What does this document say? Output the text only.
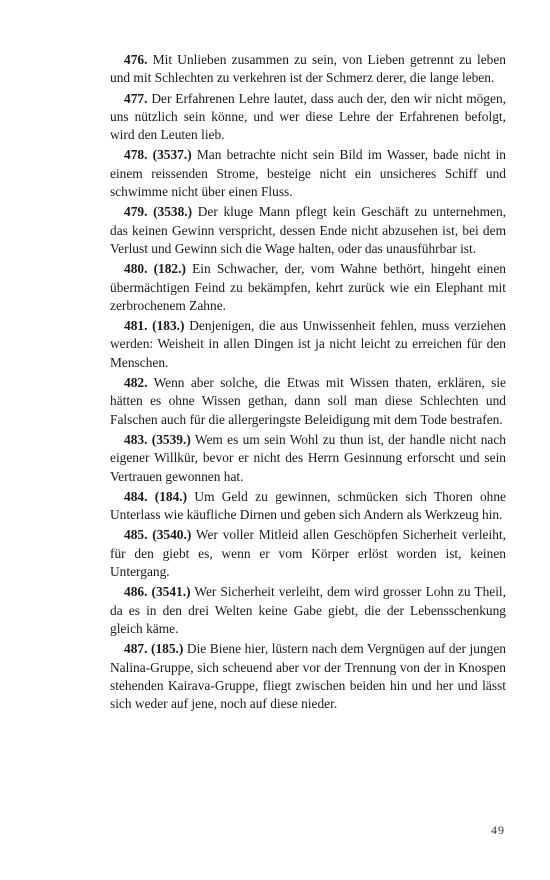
476. Mit Unlieben zusammen zu sein, von Lieben getrennt zu leben und mit Schlechten zu verkehren ist der Schmerz derer, die lange leben.

477. Der Erfahrenen Lehre lautet, dass auch der, den wir nicht mögen, uns nützlich sein könne, und wer diese Lehre der Erfahrenen befolgt, wird den Leuten lieb.

478. (3537.) Man betrachte nicht sein Bild im Wasser, bade nicht in einem reissenden Strome, besteige nicht ein unsicheres Schiff und schwimme nicht über einen Fluss.

479. (3538.) Der kluge Mann pflegt kein Geschäft zu unternehmen, das keinen Gewinn verspricht, dessen Ende nicht abzusehen ist, bei dem Verlust und Gewinn sich die Wage halten, oder das unausführbar ist.

480. (182.) Ein Schwacher, der, vom Wahne bethört, hingeht einen übermächtigen Feind zu bekämpfen, kehrt zurück wie ein Elephant mit zerbrochenem Zahne.

481. (183.) Denjenigen, die aus Unwissenheit fehlen, muss verziehen werden: Weisheit in allen Dingen ist ja nicht leicht zu erreichen für den Menschen.

482. Wenn aber solche, die Etwas mit Wissen thaten, erklären, sie hätten es ohne Wissen gethan, dann soll man diese Schlechten und Falschen auch für die allergeringste Beleidigung mit dem Tode bestrafen.

483. (3539.) Wem es um sein Wohl zu thun ist, der handle nicht nach eigener Willkür, bevor er nicht des Herrn Gesinnung erforscht und sein Vertrauen gewonnen hat.

484. (184.) Um Geld zu gewinnen, schmücken sich Thoren ohne Unterlass wie käufliche Dirnen und geben sich Andern als Werkzeug hin.

485. (3540.) Wer voller Mitleid allen Geschöpfen Sicherheit verleiht, für den giebt es, wenn er vom Körper erlöst worden ist, keinen Untergang.

486. (3541.) Wer Sicherheit verleiht, dem wird grosser Lohn zu Theil, da es in den drei Welten keine Gabe giebt, die der Lebensschenkung gleich käme.

487. (185.) Die Biene hier, lüstern nach dem Vergnügen auf der jungen Nalina-Gruppe, sich scheuend aber vor der Trennung von der in Knospen stehenden Kairava-Gruppe, fliegt zwischen beiden hin und her und lässt sich weder auf jene, noch auf diese nieder.

49
